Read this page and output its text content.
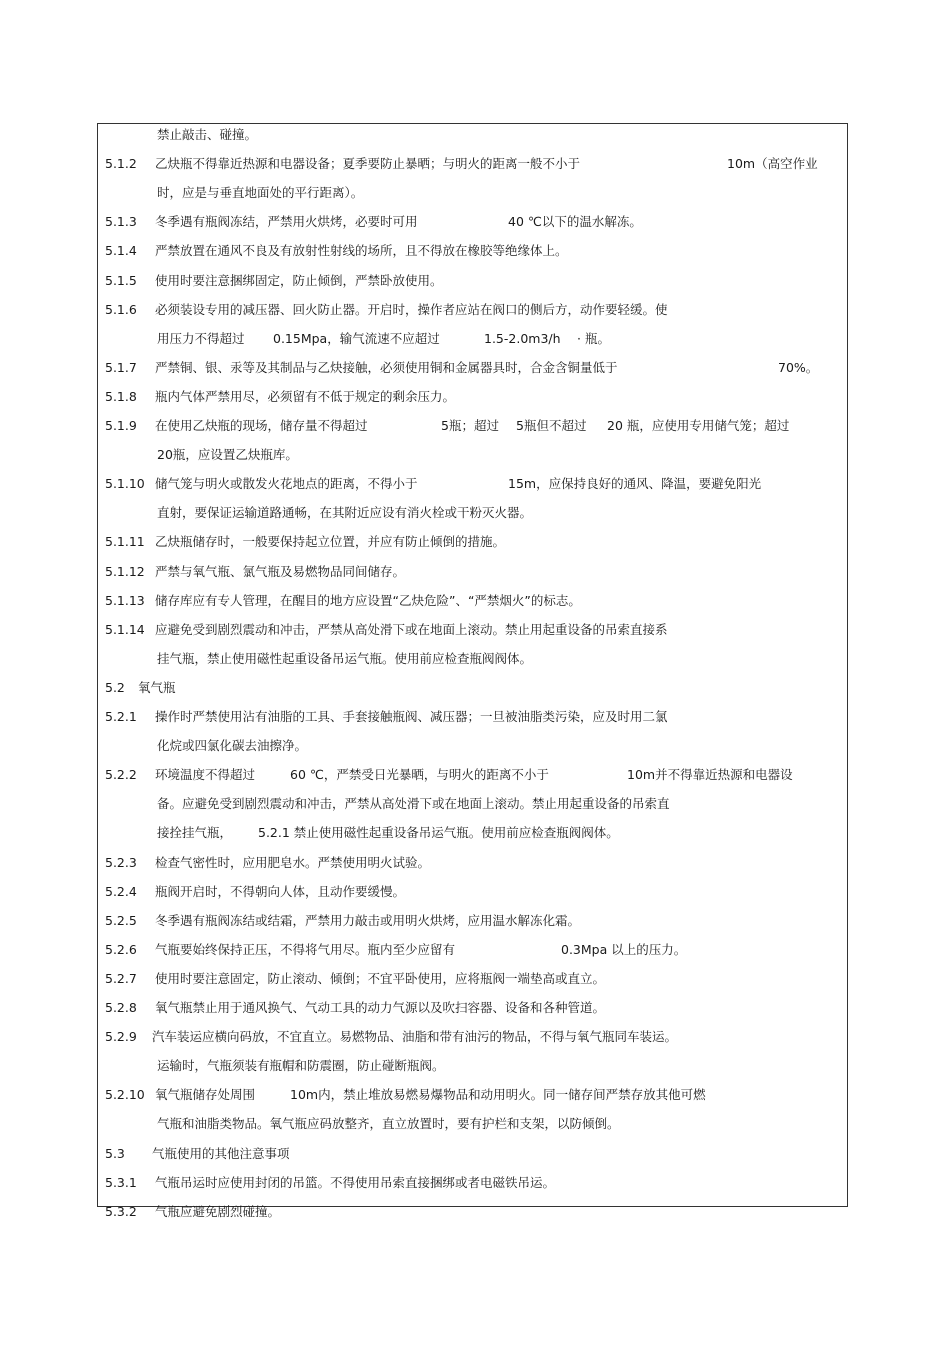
禁止敲击、碰撞。
5.1.2 乙炔瓶不得靠近热源和电器设备；夏季要防止暴晒；与明火的距离一般不小于	10m（高空作业
时，应是与垂直地面处的平行距离）。
5.1.3 冬季遇有瓶阀冻结，严禁用火烘烤，必要时可用	40 ℃以下的温水解冻。
5.1.4 严禁放置在通风不良及有放射性射线的场所，且不得放在橡胶等绝缘体上。
5.1.5 使用时要注意捆绑固定，防止倾倒，严禁卧放使用。
5.1.6 必须装设专用的减压器、回火防止器。开启时，操作者应站在阀口的侧后方，动作要轻缓。使
用压力不得超过 0.15Mpa，输气流速不应超过	1.5-2.0m3/h · 瓶。
5.1.7 严禁铜、银、汞等及其制品与乙炔接触，必须使用铜和金属器具时，合金含铜量低于	70%。
5.1.8 瓶内气体严禁用尽，必须留有不低于规定的剩余压力。
5.1.9 在使用乙炔瓶的现场，储存量不得超过	5瓶；超过 5瓶但不超过 20 瓶，应使用专用储气笼；超过
20瓶，应设置乙炔瓶库。
5.1.10 储气笼与明火或散发火花地点的距离，不得小于	15m，应保持良好的通风、降温，要避免阳光
直射，要保证运输道路通畅，在其附近应设有消火栓或干粉灭火器。
5.1.11 乙炔瓶储存时，一般要保持起立位置，并应有防止倾倒的措施。
5.1.12 严禁与氧气瓶、氯气瓶及易燃物品同间储存。
5.1.13 储存库应有专人管理，在醒目的地方应设置“乙炔危险”、“严禁烟火”的标志。
5.1.14 应避免受到剧烈震动和冲击，严禁从高处滑下或在地面上滚动。禁止用起重设备的吊索直接系
挂气瓶，禁止使用磁性起重设备吊运气瓶。使用前应检查瓶阀阀体。
5.2 氧气瓶
5.2.1 操作时严禁使用沾有油脂的工具、手套接触瓶阀、减压器；一旦被油脂类污染，应及时用二氯
化烷或四氯化碳去油擦净。
5.2.2 环境温度不得超过	60 ℃，严禁受日光暴晒，与明火的距离不小于	10m并不得靠近热源和电器设
备。应避免受到剧烈震动和冲击，严禁从高处滑下或在地面上滚动。禁止用起重设备的吊索直
接拴挂气瓶， 5.2.1 禁止使用磁性起重设备吊运气瓶。使用前应检查瓶阀阀体。
5.2.3 检查气密性时，应用肥皂水。严禁使用明火试验。
5.2.4 瓶阀开启时，不得朝向人体，且动作要缓慢。
5.2.5 冬季遇有瓶阀冻结或结霜，严禁用力敲击或用明火烘烤，应用温水解冻化霜。
5.2.6 气瓶要始终保持正压，不得将气用尽。瓶内至少应留有	0.3Mpa 以上的压力。
5.2.7 使用时要注意固定，防止滚动、倾倒；不宜平卧使用，应将瓶阀一端垫高或直立。
5.2.8 氧气瓶禁止用于通风换气、气动工具的动力气源以及吹扫容器、设备和各种管道。
5.2.9 汽车装运应横向码放，不宜直立。易燃物品、油脂和带有油污的物品，不得与氧气瓶同车装运。
运输时，气瓶须装有瓶帽和防震圈，防止碰断瓶阀。
5.2.10 氧气瓶储存处周围	10m内，禁止堆放易燃易爆物品和动用明火。同一储存间严禁存放其他可燃
气瓶和油脂类物品。氧气瓶应码放整齐，直立放置时，要有护栏和支架，以防倾倒。
5.3 气瓶使用的其他注意事项
5.3.1 气瓶吊运时应使用封闭的吊篮。不得使用吊索直接捆绑或者电磁铁吊运。
5.3.2 气瓶应避免剧烈碰撞。
